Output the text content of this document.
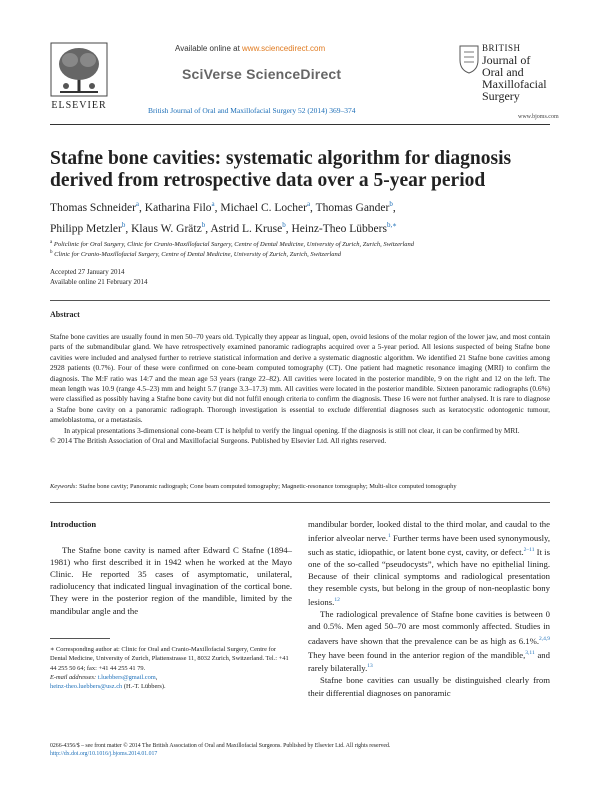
ELSEVIER
Available online at www.sciencedirect.com
SciVerse ScienceDirect
British Journal of Oral and Maxillofacial Surgery 52 (2014) 369–374
BRITISH
Journal of
Oral and
Maxillofacial
Surgery
www.bjoms.com
Stafne bone cavities: systematic algorithm for diagnosis derived from retrospective data over a 5-year period
Thomas Schneider$^a$, Katharina Filo$^a$, Michael C. Locher$^a$, Thomas Gander$^b$,
Philipp Metzler$^b$, Klaus W. Grätz$^b$, Astrid L. Kruse$^b$, Heinz-Theo Lübbers$^{b,∗}$
$^a$ Policlinic for Oral Surgery, Clinic for Cranio-Maxillofacial Surgery, Centre of Dental Medicine, University of Zurich, Zurich, Switzerland
$^b$ Clinic for Cranio-Maxillofacial Surgery, Centre of Dental Medicine, University of Zurich, Zurich, Switzerland
Accepted 27 January 2014
Available online 21 February 2014
Abstract

Stafne bone cavities are usually found in men 50–70 years old. Typically they appear as lingual, open, ovoid lesions of the molar region of the lower jaw, and most contain parts of the submandibular gland. We have retrospectively examined panoramic radiographs acquired over a 5-year period. All lesions suspected of being Stafne bone cavities were included and analysed further to retrieve statistical information and derive a systematic diagnostic algorithm. We identified 21 Stafne bone cavities among 2928 patients (0.7%). Four of these were confirmed on cone-beam computed tomography (CT). One patient had magnetic resonance imaging (MRI) to confirm the diagnosis. The M:F ratio was 14:7 and the mean age 53 years (range 22–82). All cavities were located in the posterior mandible, 9 on the right and 12 on the left. The mean length was 10.9 (range 4.5–23) mm and height 5.7 (range 3.3–17.3) mm. All cavities were located in the posterior mandible. Sixteen panoramic radiographs (0.6%) were classified as possibly having a Stafne bone cavity but did not fulfil enough criteria to confirm the diagnosis. These 16 were not further analysed. It is rare to diagnose a Stafne bone cavity on a panoramic radiograph. Thorough investigation is essential to exclude differential diagnoses such as keratocystic odontogenic tumour, ameloblastoma, or a metastasis.

In atypical presentations 3-dimensional cone-beam CT is helpful to verify the lingual opening. If the diagnosis is still not clear, it can be confirmed by MRI.

© 2014 The British Association of Oral and Maxillofacial Surgeons. Published by Elsevier Ltd. All rights reserved.

Keywords: Stafne bone cavity; Panoramic radiograph; Cone beam computed tomography; Magnetic-resonance tomography; Multi-slice computed tomography
Introduction

The Stafne bone cavity is named after Edward C Stafne (1894–1981) who first described it in 1942 when he worked at the Mayo Clinic. He reported 35 cases of asymptomatic, unilateral, radiolucency that indicated lingual invagination of the cortical bone. They were in the posterior region of the mandible, limited by the mandibular angle and the

mandibular border, looked distal to the third molar, and caudal to the inferior alveolar nerve.$^1$ Further terms have been used synonymously, such as static, idiopathic, or latent bone cyst, cavity, or defect.$^{2-11}$ It is one of the so-called “pseudocysts”, which have no epithelial lining. Because of their clinical symptoms and radiological presentation they resemble cysts, but belong in the group of non-neoplastic bony lesions.$^{12}$

The radiological prevalence of Stafne bone cavities is between 0 and 0.5%. Men aged 50–70 are most commonly affected. Studies in cadavers have shown that the prevalence can be as high as 6.1%.$^{2,4,9}$ They have been found in the anterior region of the mandible,$^{3,11}$ and rarely bilaterally.$^{13}$

Stafne bone cavities can usually be distinguished clearly from their differential diagnoses on panoramic

∗ Corresponding author at: Clinic for Oral and Cranio-Maxillofacial Surgery, Centre for Dental Medicine, University of Zurich, Plattenstrasse 11, 8032 Zurich, Switzerland. Tel.: +41 44 255 50 64; fax: +41 44 255 41 79.

E-mail addresses: t.luebbers@gmail.com,
heinz-theo.luebbers@usz.ch (H.-T. Lübbers).

0266-4356/$ – see front matter © 2014 The British Association of Oral and Maxillofacial Surgeons. Published by Elsevier Ltd. All rights reserved.
http://dx.doi.org/10.1016/j.bjoms.2014.01.017
